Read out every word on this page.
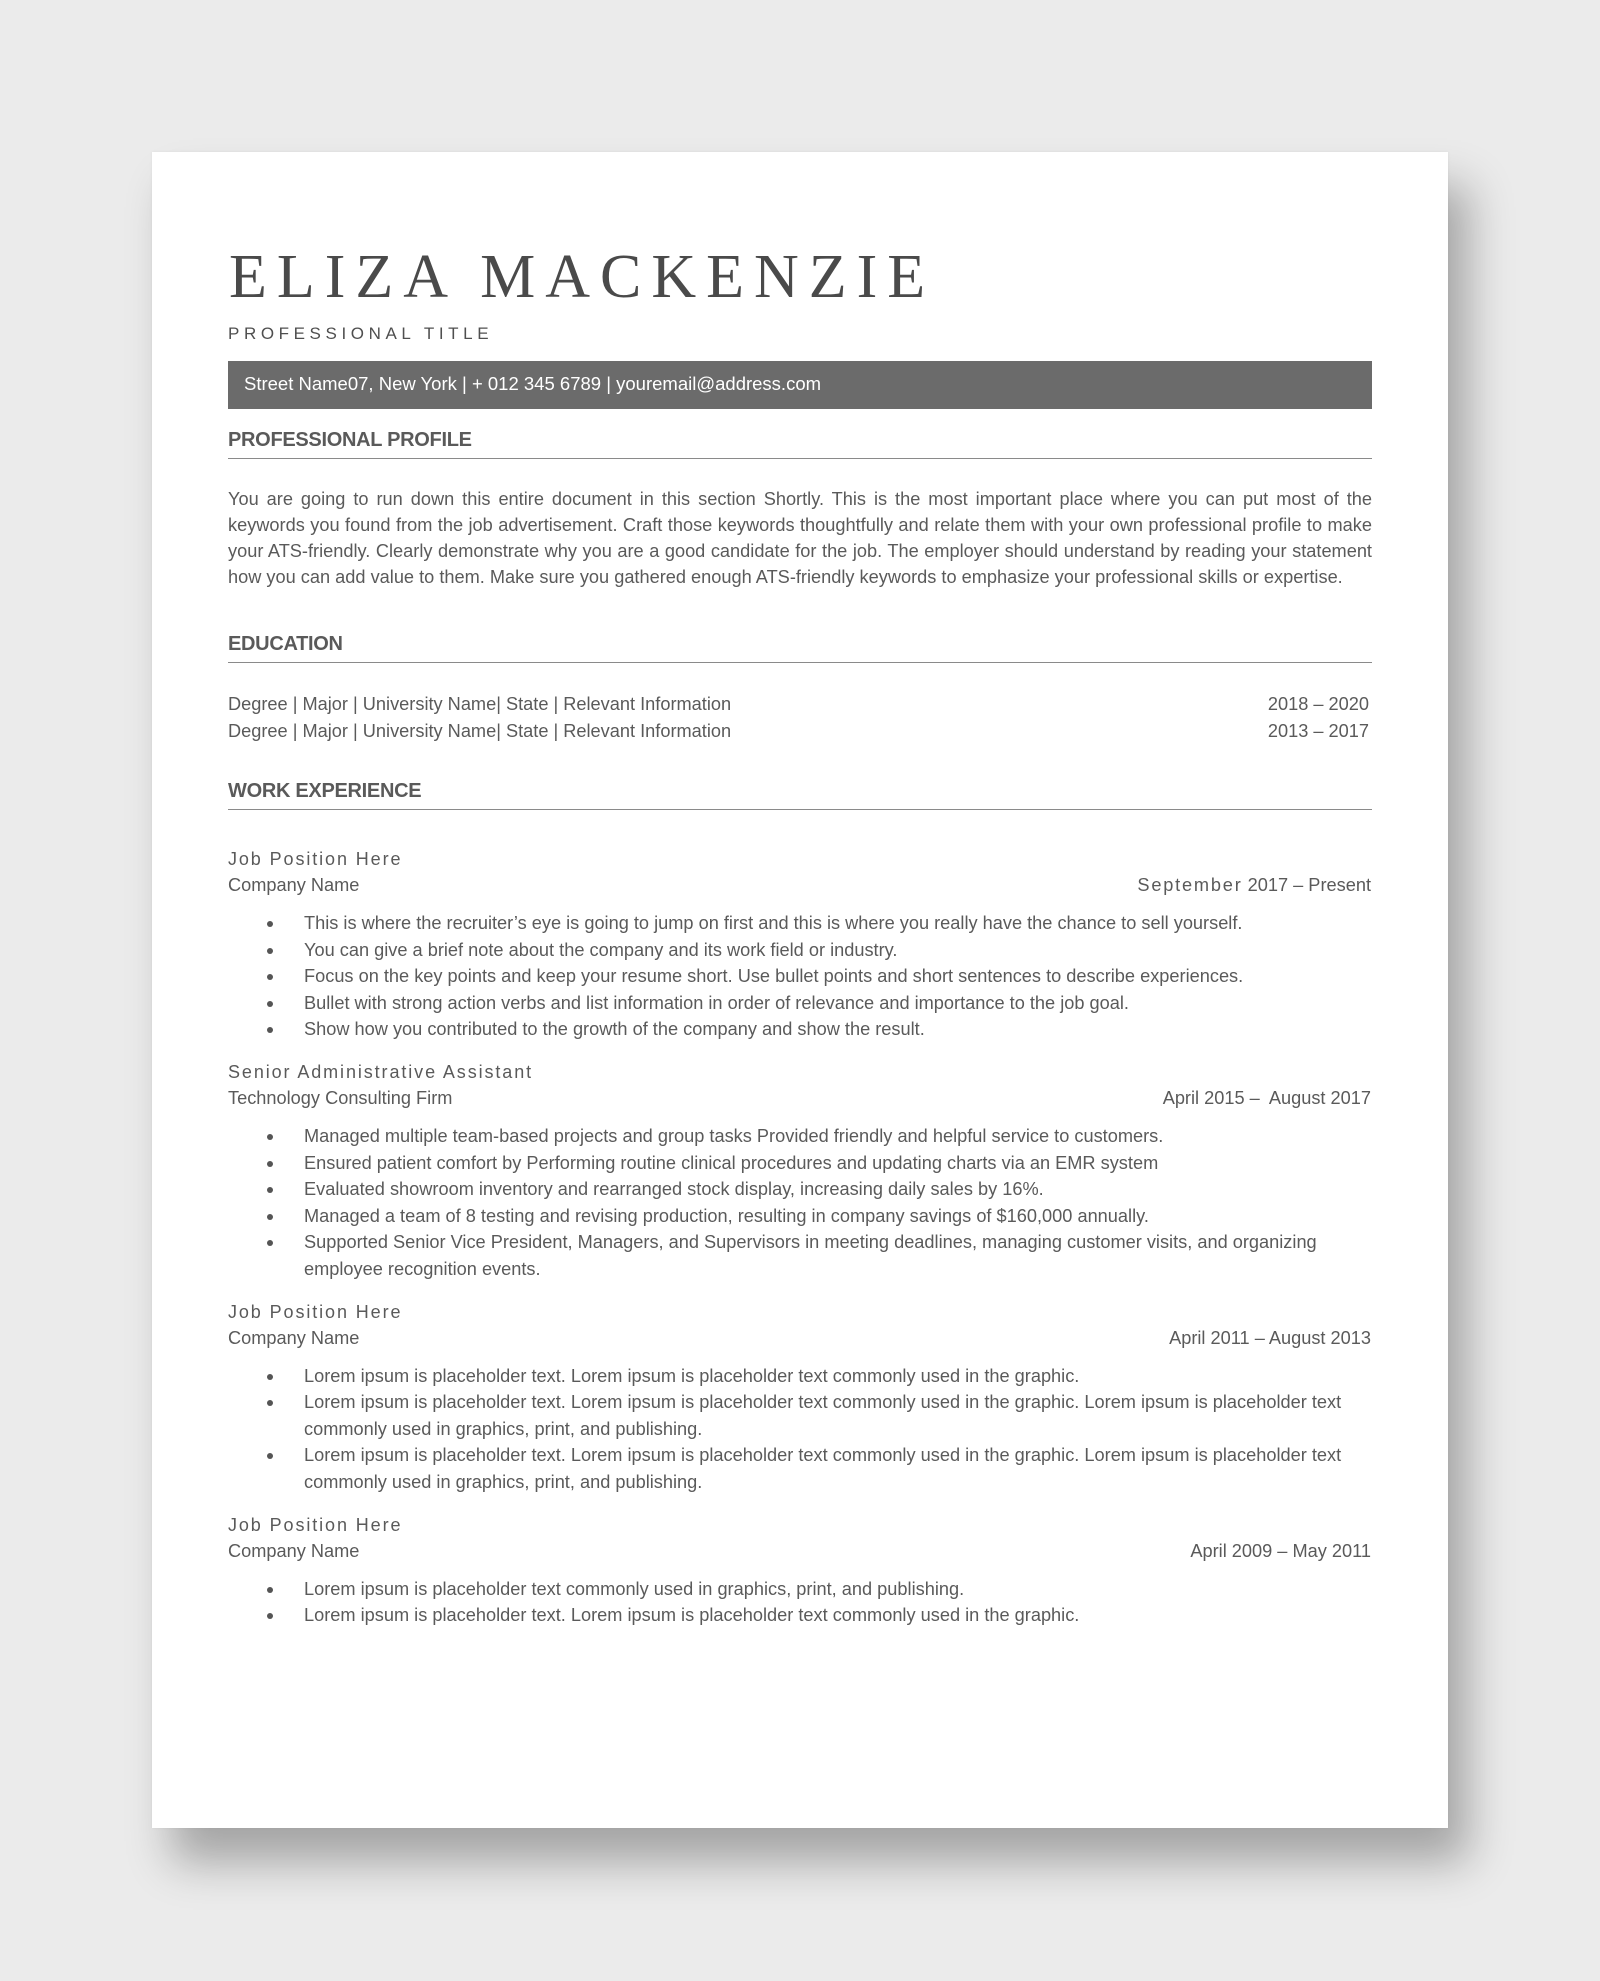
ELIZA MACKENZIE
PROFESSIONAL TITLE
Street Name07, New York | + 012 345 6789 | youremail@address.com
PROFESSIONAL PROFILE
You are going to run down this entire document in this section Shortly. This is the most important place where you can put most of the keywords you found from the job advertisement. Craft those keywords thoughtfully and relate them with your own professional profile to make your ATS-friendly. Clearly demonstrate why you are a good candidate for the job. The employer should understand by reading your statement how you can add value to them. Make sure you gathered enough ATS-friendly keywords to emphasize your professional skills or expertise.
EDUCATION
Degree | Major | University Name| State | Relevant Information	2018 – 2020
Degree | Major | University Name| State | Relevant Information	2013 – 2017
WORK EXPERIENCE
Job Position Here
Company Name	September 2017 – Present
This is where the recruiter’s eye is going to jump on first and this is where you really have the chance to sell yourself.
You can give a brief note about the company and its work field or industry.
Focus on the key points and keep your resume short. Use bullet points and short sentences to describe experiences.
Bullet with strong action verbs and list information in order of relevance and importance to the job goal.
Show how you contributed to the growth of the company and show the result.
Senior Administrative Assistant
Technology Consulting Firm	April 2015 –  August 2017
Managed multiple team-based projects and group tasks Provided friendly and helpful service to customers.
Ensured patient comfort by Performing routine clinical procedures and updating charts via an EMR system
Evaluated showroom inventory and rearranged stock display, increasing daily sales by 16%.
Managed a team of 8 testing and revising production, resulting in company savings of $160,000 annually.
Supported Senior Vice President, Managers, and Supervisors in meeting deadlines, managing customer visits, and organizing employee recognition events.
Job Position Here
Company Name	April 2011 – August 2013
Lorem ipsum is placeholder text. Lorem ipsum is placeholder text commonly used in the graphic.
Lorem ipsum is placeholder text. Lorem ipsum is placeholder text commonly used in the graphic. Lorem ipsum is placeholder text commonly used in graphics, print, and publishing.
Lorem ipsum is placeholder text. Lorem ipsum is placeholder text commonly used in the graphic. Lorem ipsum is placeholder text commonly used in graphics, print, and publishing.
Job Position Here
Company Name	April 2009 – May 2011
Lorem ipsum is placeholder text commonly used in graphics, print, and publishing.
Lorem ipsum is placeholder text. Lorem ipsum is placeholder text commonly used in the graphic.
